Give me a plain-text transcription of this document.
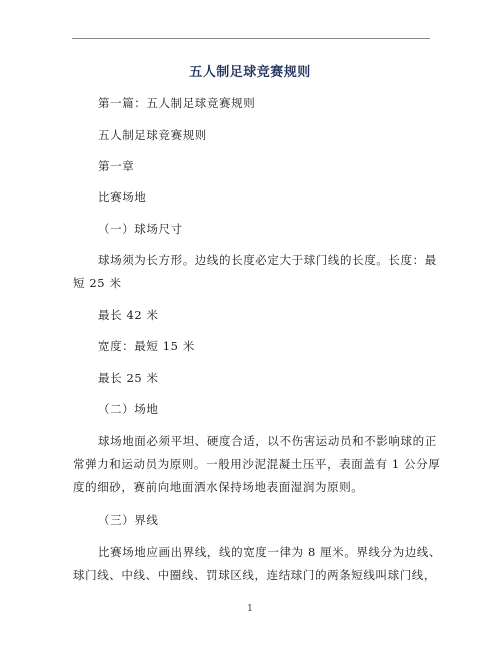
五人制足球竞赛规则
第一篇：五人制足球竞赛规则
五人制足球竞赛规则
第一章
比赛场地
（一）球场尺寸
球场须为长方形。边线的长度必定大于球门线的长度。长度：最
短 25 米
最长 42 米
宽度：最短 15 米
最长 25 米
（二）场地
球场地面必须平坦、硬度合适，以不伤害运动员和不影响球的正
常弹力和运动员为原则。一般用沙泥混凝土压平，表面盖有 1 公分厚
度的细砂，赛前向地面洒水保持场地表面湿润为原则。
（三）界线
比赛场地应画出界线，线的宽度一律为 8 厘米。界线分为边线、
球门线、中线、中圈线、罚球区线，连结球门的两条短线叫球门线，
1
